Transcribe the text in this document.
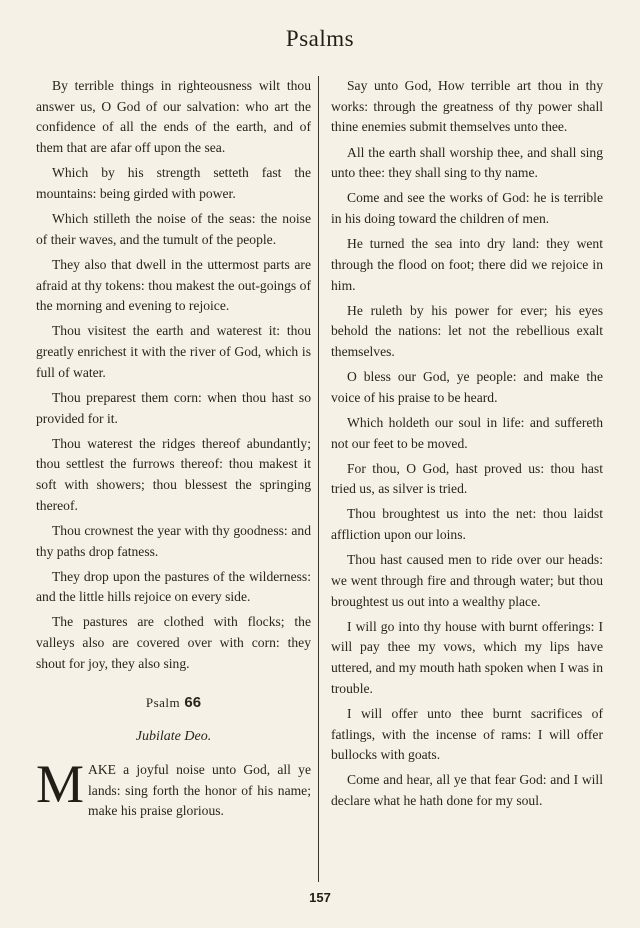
Psalms

By terrible things in righteousness wilt thou answer us, O God of our salvation: who art the confidence of all the ends of the earth, and of them that are afar off upon the sea.

Which by his strength setteth fast the mountains: being girded with power.

Which stilleth the noise of the seas: the noise of their waves, and the tumult of the people.

They also that dwell in the uttermost parts are afraid at thy tokens: thou makest the out-goings of the morning and evening to rejoice.

Thou visitest the earth and waterest it: thou greatly enrichest it with the river of God, which is full of water.

Thou preparest them corn: when thou hast so provided for it.

Thou waterest the ridges thereof abundantly; thou settlest the furrows thereof: thou makest it soft with showers; thou blessest the springing thereof.

Thou crownest the year with thy goodness: and thy paths drop fatness.

They drop upon the pastures of the wilderness: and the little hills rejoice on every side.

The pastures are clothed with flocks; the valleys also are covered over with corn: they shout for joy, they also sing.

Psalm 66
Jubilate Deo.

M AKE a joyful noise unto God, all ye lands: sing forth the honor of his name; make his praise glorious.

Say unto God, How terrible art thou in thy works: through the greatness of thy power shall thine enemies submit themselves unto thee.

All the earth shall worship thee, and shall sing unto thee: they shall sing to thy name.

Come and see the works of God: he is terrible in his doing toward the children of men.

He turned the sea into dry land: they went through the flood on foot; there did we rejoice in him.

He ruleth by his power for ever; his eyes behold the nations: let not the rebellious exalt themselves.

O bless our God, ye people: and make the voice of his praise to be heard.

Which holdeth our soul in life: and suffereth not our feet to be moved.

For thou, O God, hast proved us: thou hast tried us, as silver is tried.

Thou broughtest us into the net: thou laidst affliction upon our loins.

Thou hast caused men to ride over our heads: we went through fire and through water; but thou broughtest us out into a wealthy place.

I will go into thy house with burnt offerings: I will pay thee my vows, which my lips have uttered, and my mouth hath spoken when I was in trouble.

I will offer unto thee burnt sacrifices of fatlings, with the incense of rams: I will offer bullocks with goats.

Come and hear, all ye that fear God: and I will declare what he hath done for my soul.

157
